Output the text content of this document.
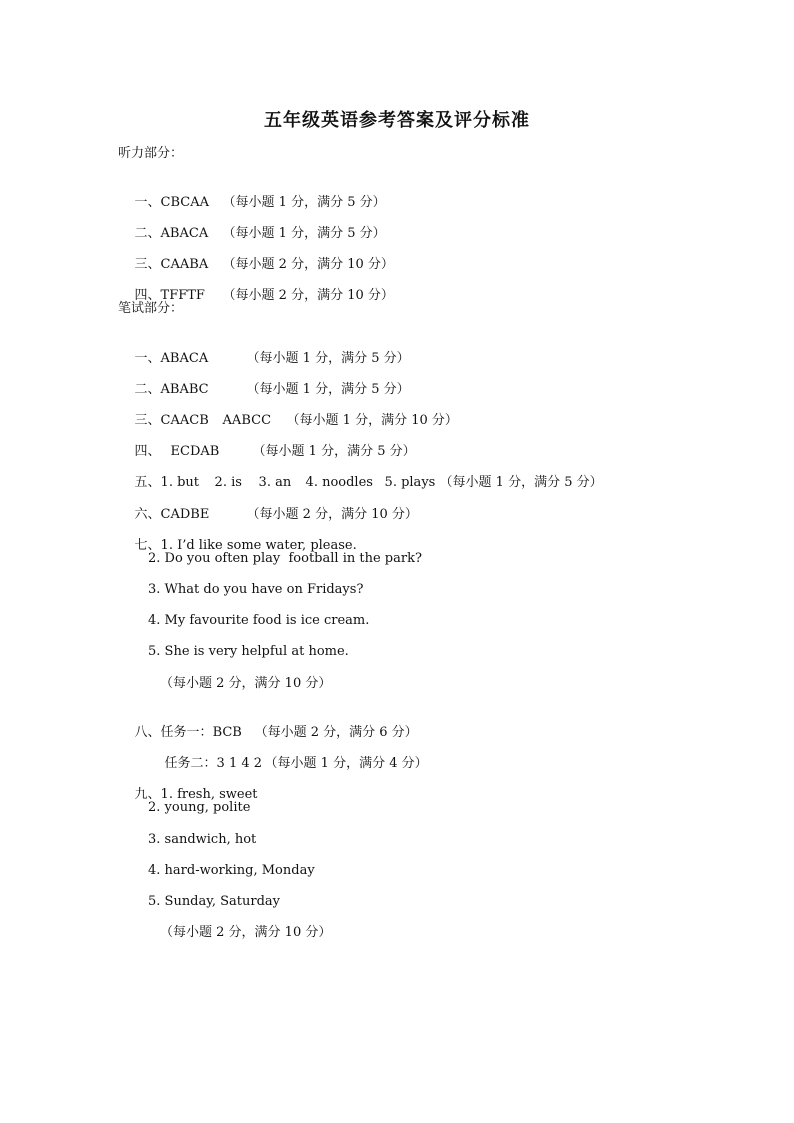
五年级英语参考答案及评分标准
听力部分：

一、CBCAA （每小题 1 分，满分 5 分）

二、ABACA （每小题 1 分，满分 5 分）

三、CAABA （每小题 2 分，满分 10 分）

四、TFFTF （每小题 2 分，满分 10 分）

笔试部分：

一、ABACA	（每小题 1 分，满分 5 分）

二、ABABC	（每小题 1 分，满分 5 分）

三、CAACB AABCC （每小题 1 分，满分 10 分）

四、 ECDAB	（每小题 1 分，满分 5 分）

五、1. but 2. is 3. an 4. noodles 5. plays （每小题 1 分，满分 5 分）

六、CADBE	（每小题 2 分，满分 10 分）

七、1. I’d like some water, please.

2. Do you often play  football in the park?
3. What do you have on Fridays?
4. My favourite food is ice cream.
5. She is very helpful at home.
（每小题 2 分，满分 10 分）

八、任务一：BCB （每小题 2 分，满分 6 分）

任务二：3 1 4 2 （每小题 1 分，满分 4 分）

九、1. fresh, sweet

2. young, polite
3. sandwich, hot
4. hard-working, Monday
5. Sunday, Saturday
（每小题 2 分，满分 10 分）
